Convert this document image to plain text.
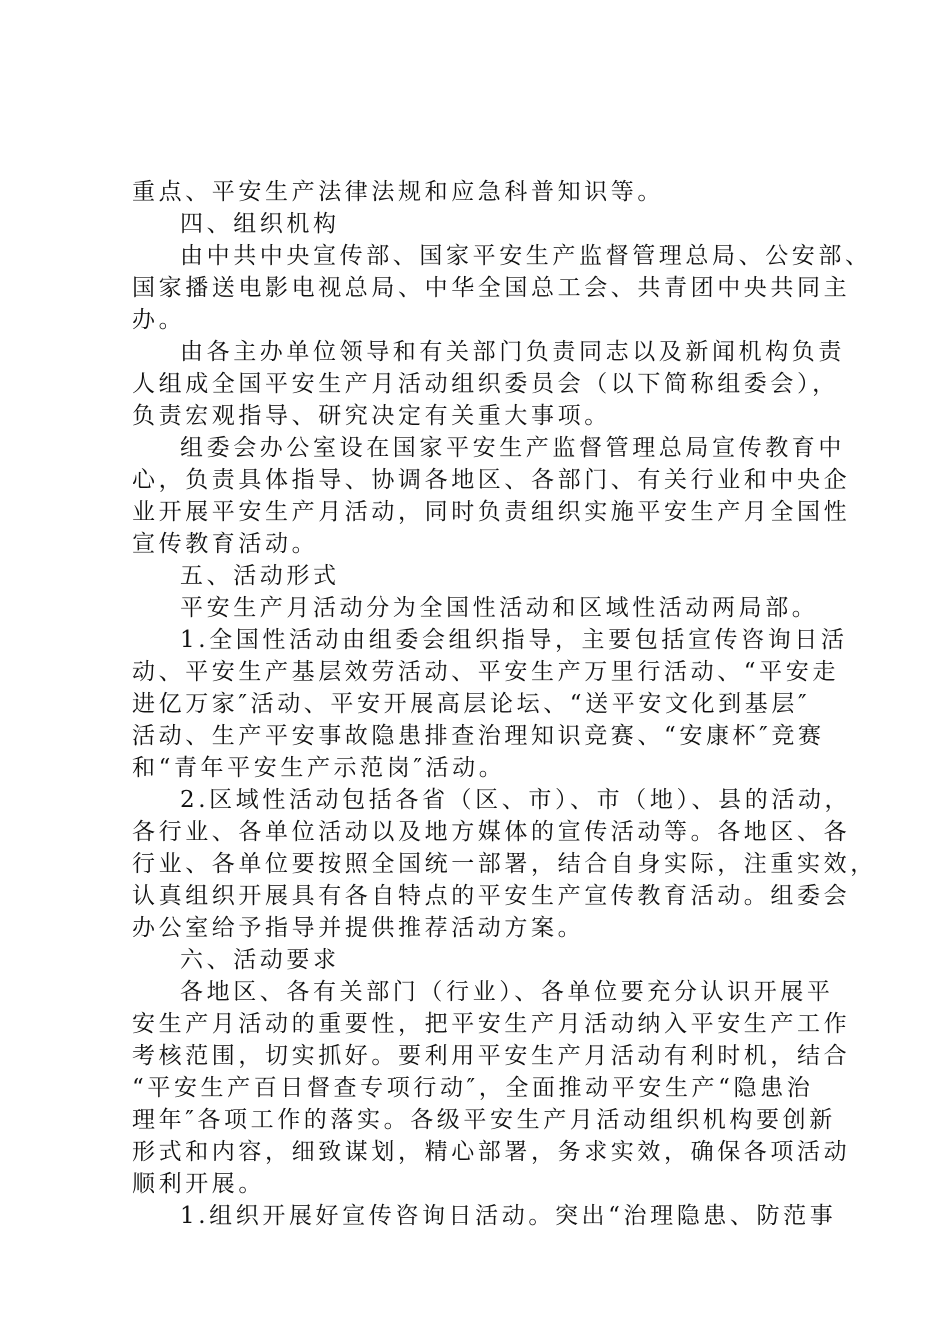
重点、平安生产法律法规和应急科普知识等。
四、组织机构
由中共中央宣传部、国家平安生产监督管理总局、公安部、
国家播送电影电视总局、中华全国总工会、共青团中央共同主
办。
由各主办单位领导和有关部门负责同志以及新闻机构负责
人组成全国平安生产月活动组织委员会（以下简称组委会），
负责宏观指导、研究决定有关重大事项。
组委会办公室设在国家平安生产监督管理总局宣传教育中
心，负责具体指导、协调各地区、各部门、有关行业和中央企
业开展平安生产月活动，同时负责组织实施平安生产月全国性
宣传教育活动。
五、活动形式
平安生产月活动分为全国性活动和区域性活动两局部。
1.全国性活动由组委会组织指导，主要包括宣传咨询日活
动、平安生产基层效劳活动、平安生产万里行活动、“平安走
进亿万家″活动、平安开展高层论坛、“送平安文化到基层″
活动、生产平安事故隐患排查治理知识竞赛、“安康杯″竞赛
和“青年平安生产示范岗″活动。
2.区域性活动包括各省（区、市）、市（地）、县的活动，
各行业、各单位活动以及地方媒体的宣传活动等。各地区、各
行业、各单位要按照全国统一部署，结合自身实际，注重实效，
认真组织开展具有各自特点的平安生产宣传教育活动。组委会
办公室给予指导并提供推荐活动方案。
六、活动要求
各地区、各有关部门（行业）、各单位要充分认识开展平
安生产月活动的重要性，把平安生产月活动纳入平安生产工作
考核范围，切实抓好。要利用平安生产月活动有利时机，结合
“平安生产百日督查专项行动″，全面推动平安生产“隐患治
理年″各项工作的落实。各级平安生产月活动组织机构要创新
形式和内容，细致谋划，精心部署，务求实效，确保各项活动
顺利开展。
1.组织开展好宣传咨询日活动。突出“治理隐患、防范事
